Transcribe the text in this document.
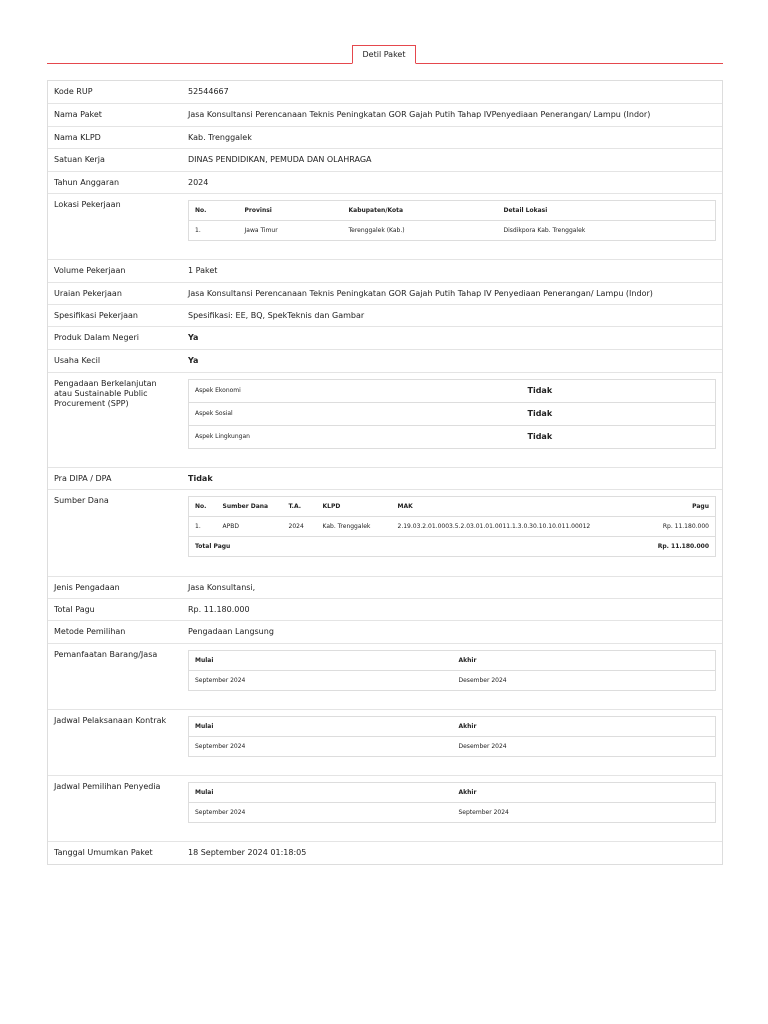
Detil Paket
Kode RUP	52544667
Nama Paket	Jasa Konsultansi Perencanaan Teknis Peningkatan GOR Gajah Putih Tahap IVPenyediaan Penerangan/ Lampu (Indor)
Nama KLPD	Kab. Trenggalek
Satuan Kerja	DINAS PENDIDIKAN, PEMUDA DAN OLAHRAGA
Tahun Anggaran	2024
Lokasi Pekerjaan
No.	Provinsi	Kabupaten/Kota	Detail Lokasi
1.	Jawa Timur	Terenggalek (Kab.)	Disdikpora Kab. Trenggalek
Volume Pekerjaan	1 Paket
Uraian Pekerjaan	Jasa Konsultansi Perencanaan Teknis Peningkatan GOR Gajah Putih Tahap IV Penyediaan Penerangan/ Lampu (Indor)
Spesifikasi Pekerjaan	Spesifikasi: EE, BQ, SpekTeknis dan Gambar
Produk Dalam Negeri	Ya
Usaha Kecil	Ya
Pengadaan Berkelanjutan atau Sustainable Public Procurement (SPP)
Aspek Ekonomi	Tidak
Aspek Sosial	Tidak
Aspek Lingkungan	Tidak
Pra DIPA / DPA	Tidak
Sumber Dana
No.	Sumber Dana	T.A.	KLPD	MAK	Pagu
1.	APBD	2024	Kab. Trenggalek	2.19.03.2.01.0003.5.2.03.01.01.0011.1.3.0.30.10.10.011.00012	Rp. 11.180.000
Total Pagu					Rp. 11.180.000
Jenis Pengadaan	Jasa Konsultansi,
Total Pagu	Rp. 11.180.000
Metode Pemilihan	Pengadaan Langsung
Pemanfaatan Barang/Jasa
Mulai	Akhir
September 2024	Desember 2024
Jadwal Pelaksanaan Kontrak
Mulai	Akhir
September 2024	Desember 2024
Jadwal Pemilihan Penyedia
Mulai	Akhir
September 2024	September 2024
Tanggal Umumkan Paket	18 September 2024 01:18:05
